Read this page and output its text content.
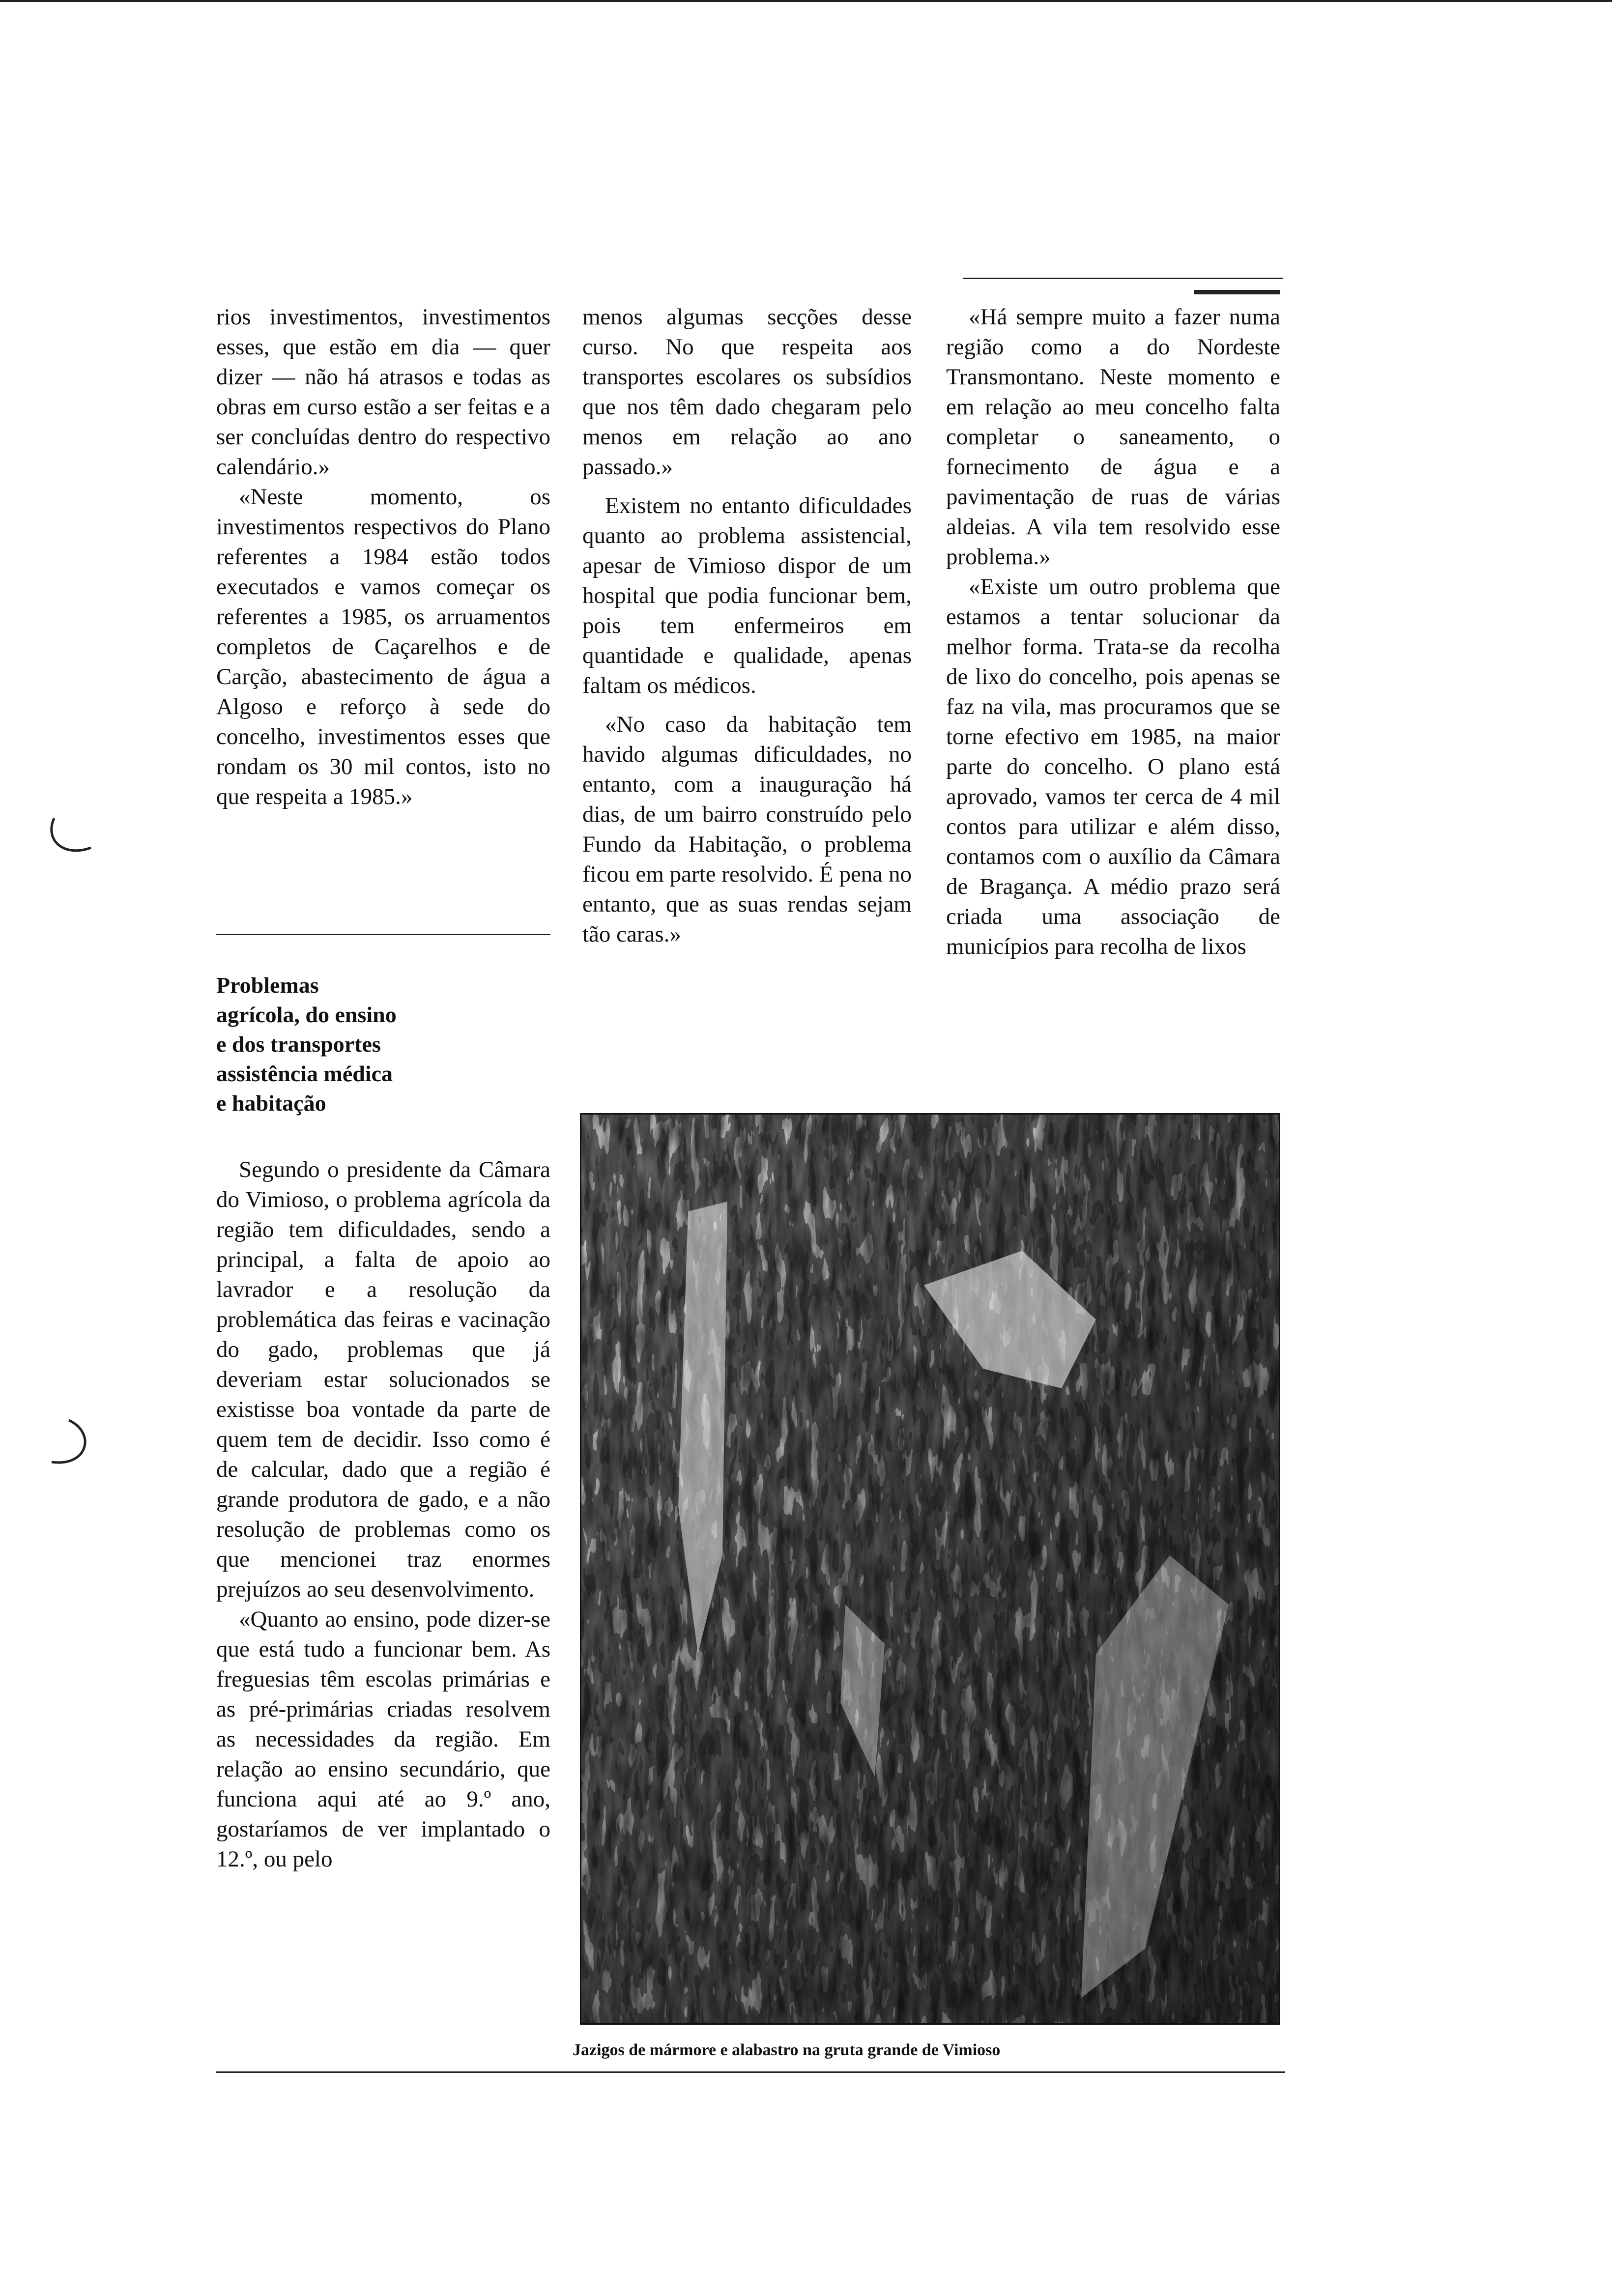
rios investimentos, investimentos esses, que estão em dia — quer dizer — não há atrasos e todas as obras em curso estão a ser feitas e a ser concluídas dentro do respectivo calendário.»

«Neste momento, os investimentos respectivos do Plano referentes a 1984 estão todos executados e vamos começar os referentes a 1985, os arruamentos completos de Caçarelhos e de Carção, abastecimento de água a Algoso e reforço à sede do concelho, investimentos esses que rondam os 30 mil contos, isto no que respeita a 1985.»

Problemas

agrícola, do ensino

e dos transportes

assistência médica

e habitação

Segundo o presidente da Câmara do Vimioso, o problema agrícola da região tem dificuldades, sendo a principal, a falta de apoio ao lavrador e a resolução da problemática das feiras e vacinação do gado, problemas que já deveriam estar solucionados se existisse boa vontade da parte de quem tem de decidir. Isso como é de calcular, dado que a região é grande produtora de gado, e a não resolução de problemas como os que mencionei traz enormes prejuízos ao seu desenvolvimento.

«Quanto ao ensino, pode dizer-se que está tudo a funcionar bem. As freguesias têm escolas primárias e as pré-primárias criadas resolvem as necessidades da região. Em relação ao ensino secundário, que funciona aqui até ao 9.º ano, gostaríamos de ver implantado o 12.º, ou pelo

menos algumas secções desse curso. No que respeita aos transportes escolares os subsídios que nos têm dado chegaram pelo menos em relação ao ano passado.»

Existem no entanto dificuldades quanto ao problema assistencial, apesar de Vimioso dispor de um hospital que podia funcionar bem, pois tem enfermeiros em quantidade e qualidade, apenas faltam os médicos.

«No caso da habitação tem havido algumas dificuldades, no entanto, com a inauguração há dias, de um bairro construído pelo Fundo da Habitação, o problema ficou em parte resolvido. É pena no entanto, que as suas rendas sejam tão caras.»

«Há sempre muito a fazer numa região como a do Nordeste Transmontano. Neste momento e em relação ao meu concelho falta completar o saneamento, o fornecimento de água e a pavimentação de ruas de várias aldeias. A vila tem resolvido esse problema.»

«Existe um outro problema que estamos a tentar solucionar da melhor forma. Trata-se da recolha de lixo do concelho, pois apenas se faz na vila, mas procuramos que se torne efectivo em 1985, na maior parte do concelho. O plano está aprovado, vamos ter cerca de 4 mil contos para utilizar e além disso, contamos com o auxílio da Câmara de Bragança. A médio prazo será criada uma associação de municípios para recolha de lixos

Jazigos de mármore e alabastro na gruta grande de Vimioso
